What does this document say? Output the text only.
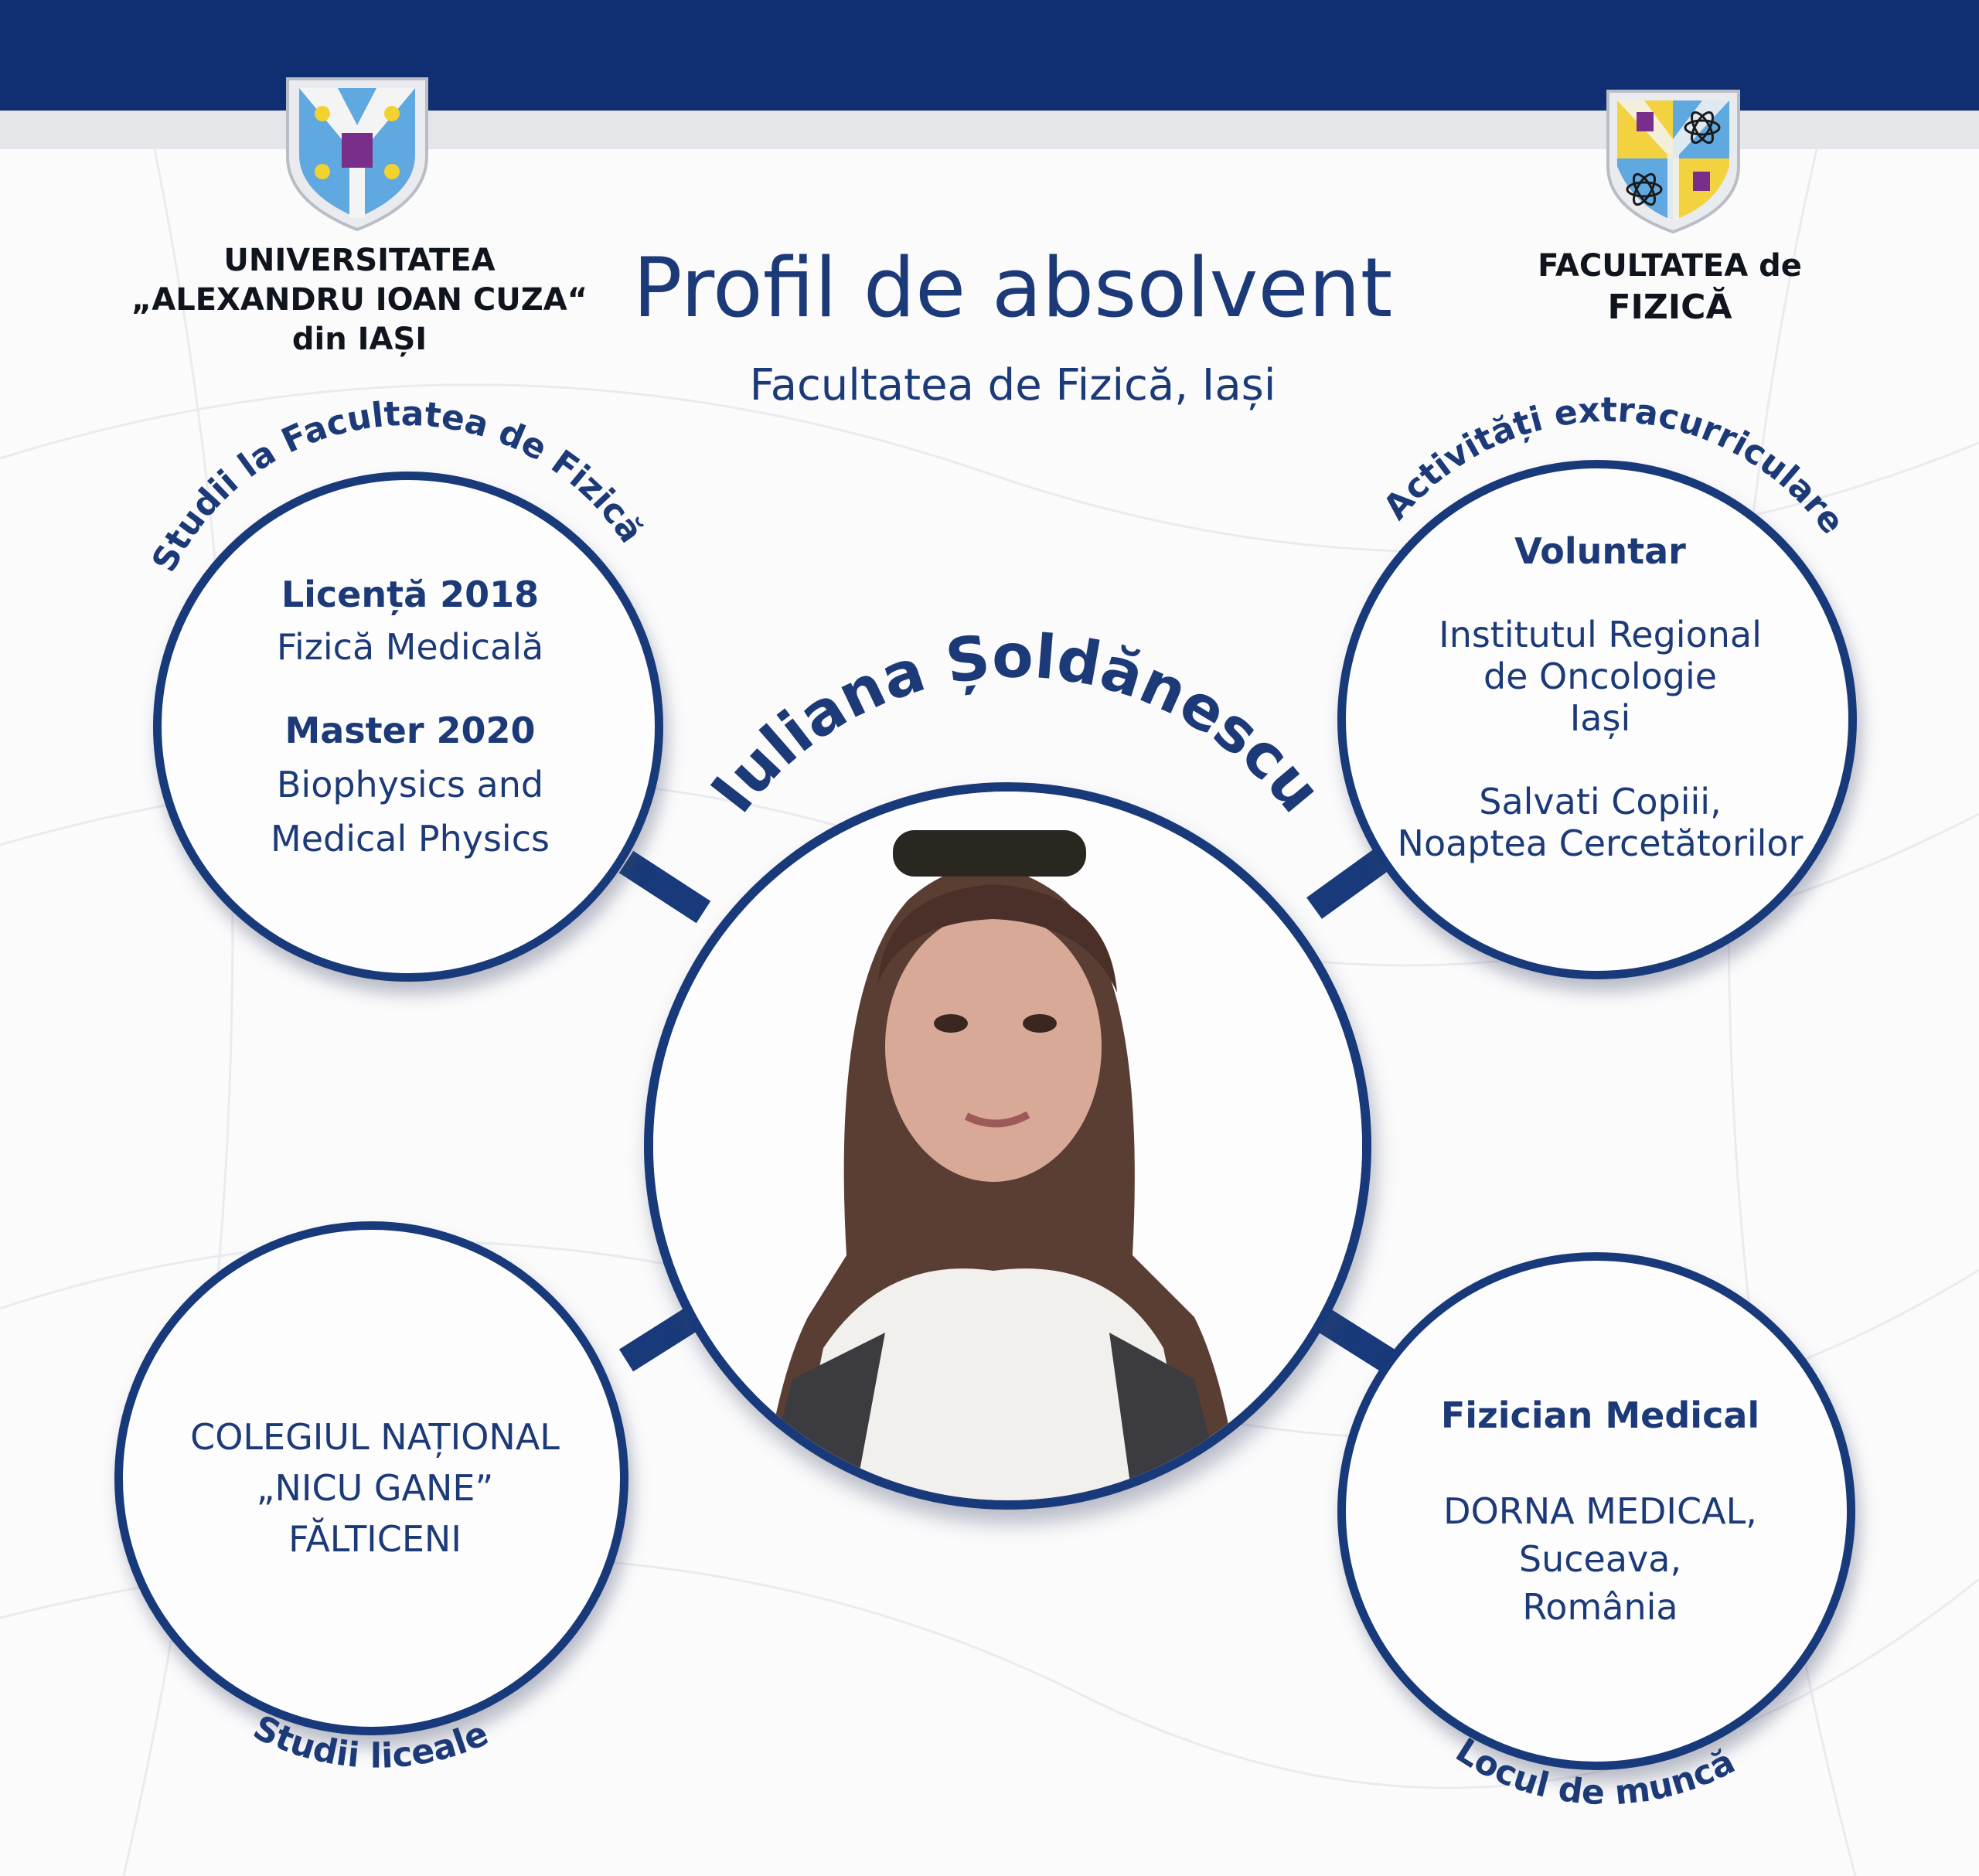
UNIVERSITATEA
„ALEXANDRU IOAN CUZA“
din IAȘI
FACULTATEA de
FIZICĂ
Profil de absolvent
Facultatea de Fizică, Iași
Studii la Facultatea de Fizică
Activități extracurriculare
Iuliana Șoldănescu
Studii liceale	Locul de muncă
Licență 2018
Fizică Medicală
Master 2020
Biophysics and
Medical Physics
Voluntar
Institutul Regional
de Oncologie
Iași
Salvati Copiii,
Noaptea Cercetătorilor
COLEGIUL NAȚIONAL
„NICU GANE”
FĂLTICENI
Fizician Medical
DORNA MEDICAL,
Suceava,
România
